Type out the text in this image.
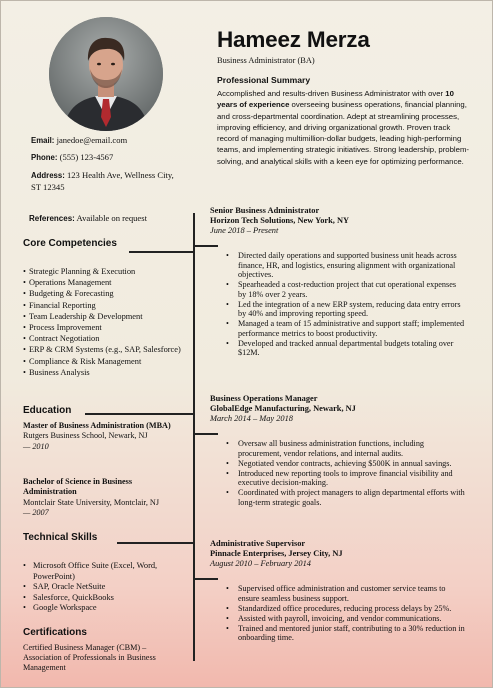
Email: janedoe@email.com
Phone: (555) 123-4567
Address: 123 Health Ave, Wellness City, ST 12345
References: Available on request
Core Competencies
• Strategic Planning & Execution
• Operations Management
• Budgeting & Forecasting
• Financial Reporting
• Team Leadership & Development
• Process Improvement
• Contract Negotiation
• ERP & CRM Systems (e.g., SAP, Salesforce)
• Compliance & Risk Management
• Business Analysis
Education
Master of Business Administration (MBA)
Rutgers Business School, Newark, NJ
— 2010
Bachelor of Science in Business Administration
Montclair State University, Montclair, NJ
— 2007
Technical Skills
• Microsoft Office Suite (Excel, Word, PowerPoint)
• SAP, Oracle NetSuite
• Salesforce, QuickBooks
• Google Workspace
Certifications
Certified Business Manager (CBM) – Association of Professionals in Business Management
Hameez Merza
Business Administrator (BA)
Professional Summary
Accomplished and results-driven Business Administrator with over 10 years of experience overseeing business operations, financial planning, and cross-departmental coordination. Adept at streamlining processes, improving efficiency, and driving organizational growth. Proven track record of managing multimillion-dollar budgets, leading high-performing teams, and implementing strategic initiatives. Strong leadership, problem-solving, and analytical skills with a keen eye for optimizing performance.
Senior Business Administrator
Horizon Tech Solutions, New York, NY
June 2018 – Present
• Directed daily operations and supported business unit heads across finance, HR, and logistics, ensuring alignment with organizational objectives.
• Spearheaded a cost-reduction project that cut operational expenses by 18% over 2 years.
• Led the integration of a new ERP system, reducing data entry errors by 40% and improving reporting speed.
• Managed a team of 15 administrative and support staff; implemented performance metrics to boost productivity.
• Developed and tracked annual departmental budgets totaling over $12M.
Business Operations Manager
GlobalEdge Manufacturing, Newark, NJ
March 2014 – May 2018
• Oversaw all business administration functions, including procurement, vendor relations, and internal audits.
• Negotiated vendor contracts, achieving $500K in annual savings.
• Introduced new reporting tools to improve financial visibility and executive decision-making.
• Coordinated with project managers to align departmental efforts with long-term strategic goals.
Administrative Supervisor
Pinnacle Enterprises, Jersey City, NJ
August 2010 – February 2014
• Supervised office administration and customer service teams to ensure seamless business support.
• Standardized office procedures, reducing process delays by 25%.
• Assisted with payroll, invoicing, and vendor communications.
• Trained and mentored junior staff, contributing to a 30% reduction in onboarding time.
